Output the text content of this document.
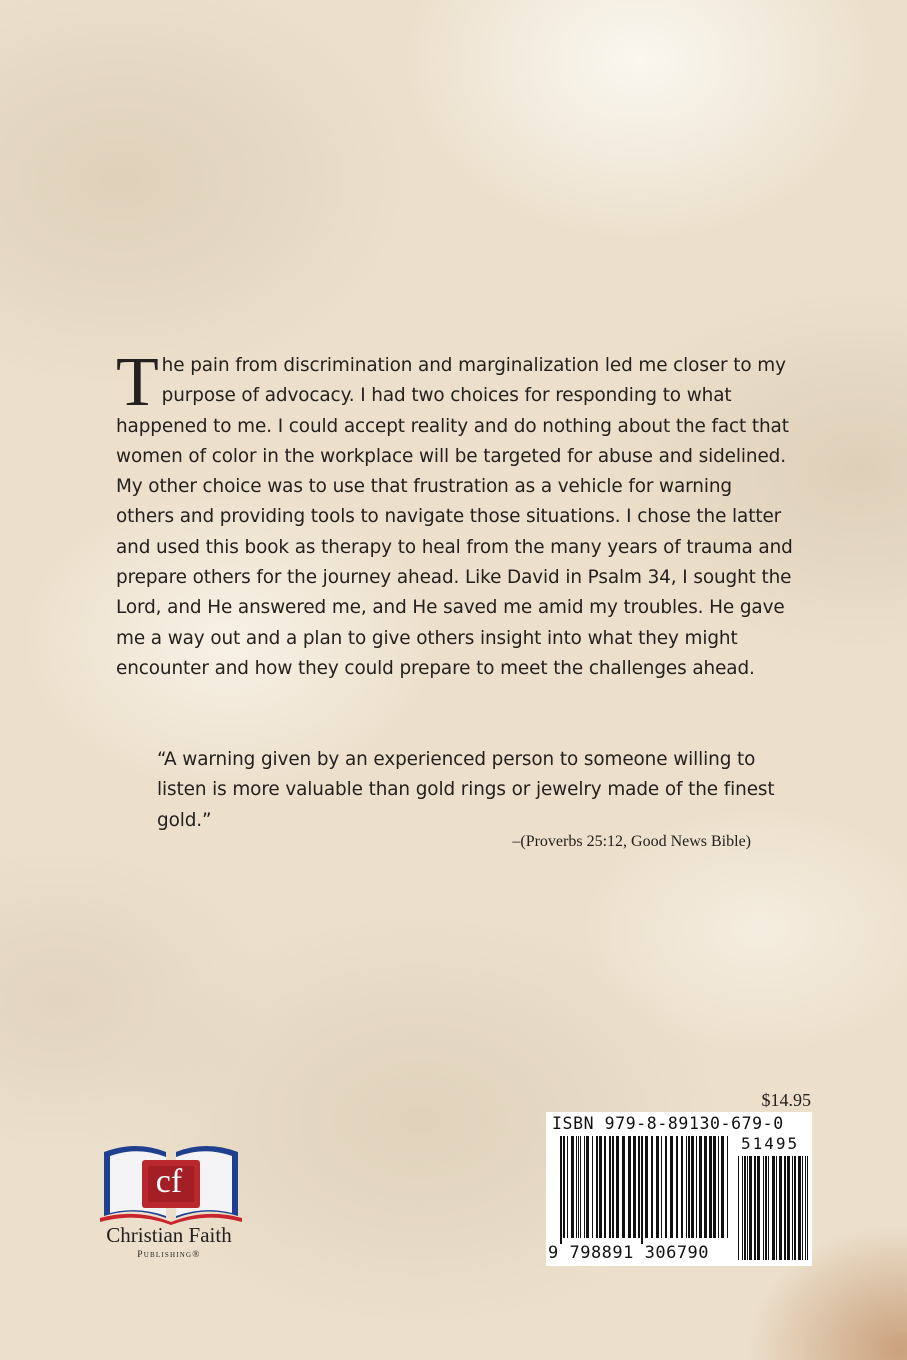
The pain from discrimination and marginalization led me closer to my purpose of advocacy. I had two choices for responding to what happened to me. I could accept reality and do nothing about the fact that women of color in the workplace will be targeted for abuse and sidelined. My other choice was to use that frustration as a vehicle for warning others and providing tools to navigate those situations. I chose the latter and used this book as therapy to heal from the many years of trauma and prepare others for the journey ahead. Like David in Psalm 34, I sought the Lord, and He answered me, and He saved me amid my troubles. He gave me a way out and a plan to give others insight into what they might encounter and how they could prepare to meet the challenges ahead.

“A warning given by an experienced person to someone willing to listen is more valuable than gold rings or jewelry made of the finest gold.”

–(Proverbs 25:12, Good News Bible)
$14.95
ISBN 979-8-89130-679-0
51495
9 798891 306790
cf
Christian Faith
Publishing®
